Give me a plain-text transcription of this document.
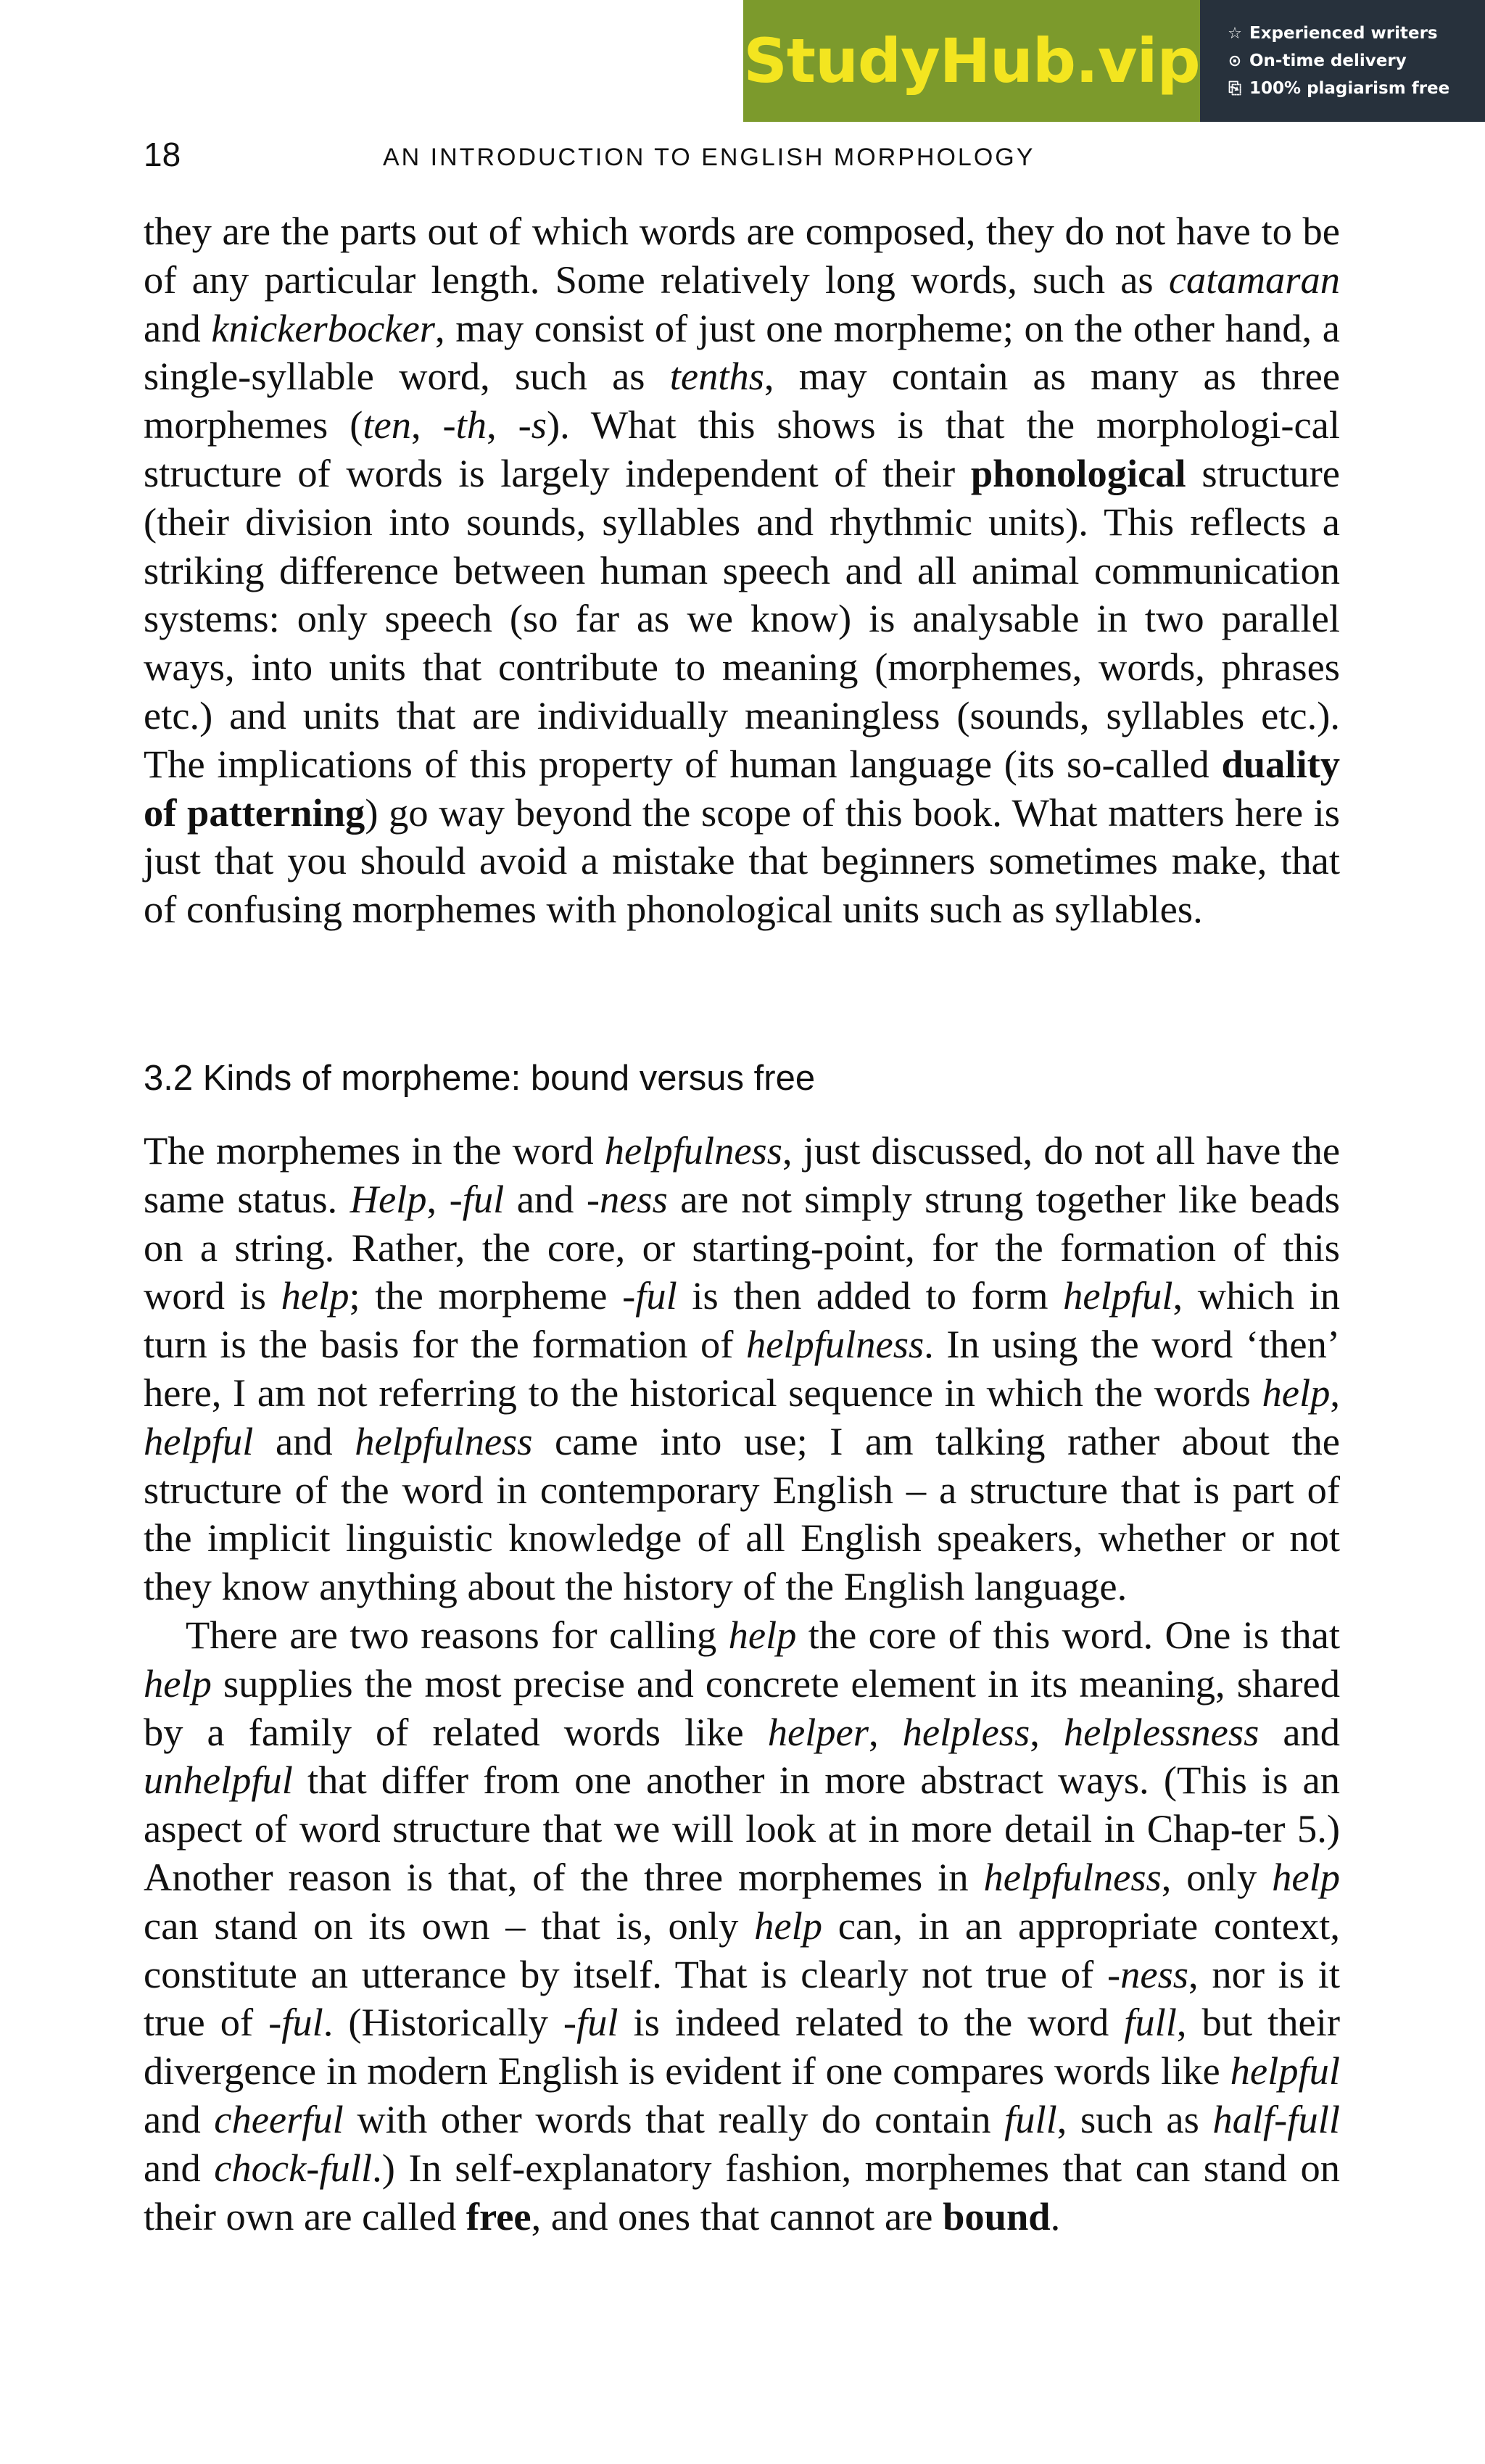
StudyHub.vip ☆ Experienced writers
⊙ On-time delivery
⎘ 100% plagiarism free
18	AN INTRODUCTION TO ENGLISH MORPHOLOGY

they are the parts out of which words are composed, they do not have to be of any particular length. Some relatively long words, such as catamaran and knickerbocker, may consist of just one morpheme; on the other hand, a single-syllable word, such as tenths, may contain as many as three morphemes (ten, -th, -s). What this shows is that the morphologi-cal structure of words is largely independent of their phonological structure (their division into sounds, syllables and rhythmic units). This reflects a striking difference between human speech and all animal communication systems: only speech (so far as we know) is analysable in two parallel ways, into units that contribute to meaning (morphemes, words, phrases etc.) and units that are individually meaningless (sounds, syllables etc.). The implications of this property of human language (its so-called duality of patterning) go way beyond the scope of this book. What matters here is just that you should avoid a mistake that beginners sometimes make, that of confusing morphemes with phonological units such as syllables.

3.2 Kinds of morpheme: bound versus free

The morphemes in the word helpfulness, just discussed, do not all have the same status. Help, -ful and -ness are not simply strung together like beads on a string. Rather, the core, or starting-point, for the formation of this word is help; the morpheme -ful is then added to form helpful, which in turn is the basis for the formation of helpfulness. In using the word ‘then’ here, I am not referring to the historical sequence in which the words help, helpful and helpfulness came into use; I am talking rather about the structure of the word in contemporary English – a structure that is part of the implicit linguistic knowledge of all English speakers, whether or not they know anything about the history of the English language.

There are two reasons for calling help the core of this word. One is that help supplies the most precise and concrete element in its meaning, shared by a family of related words like helper, helpless, helplessness and unhelpful that differ from one another in more abstract ways. (This is an aspect of word structure that we will look at in more detail in Chap-ter 5.) Another reason is that, of the three morphemes in helpfulness, only help can stand on its own – that is, only help can, in an appropriate context, constitute an utterance by itself. That is clearly not true of -ness, nor is it true of -ful. (Historically -ful is indeed related to the word full, but their divergence in modern English is evident if one compares words like helpful and cheerful with other words that really do contain full, such as half-full and chock-full.) In self-explanatory fashion, morphemes that can stand on their own are called free, and ones that cannot are bound.
